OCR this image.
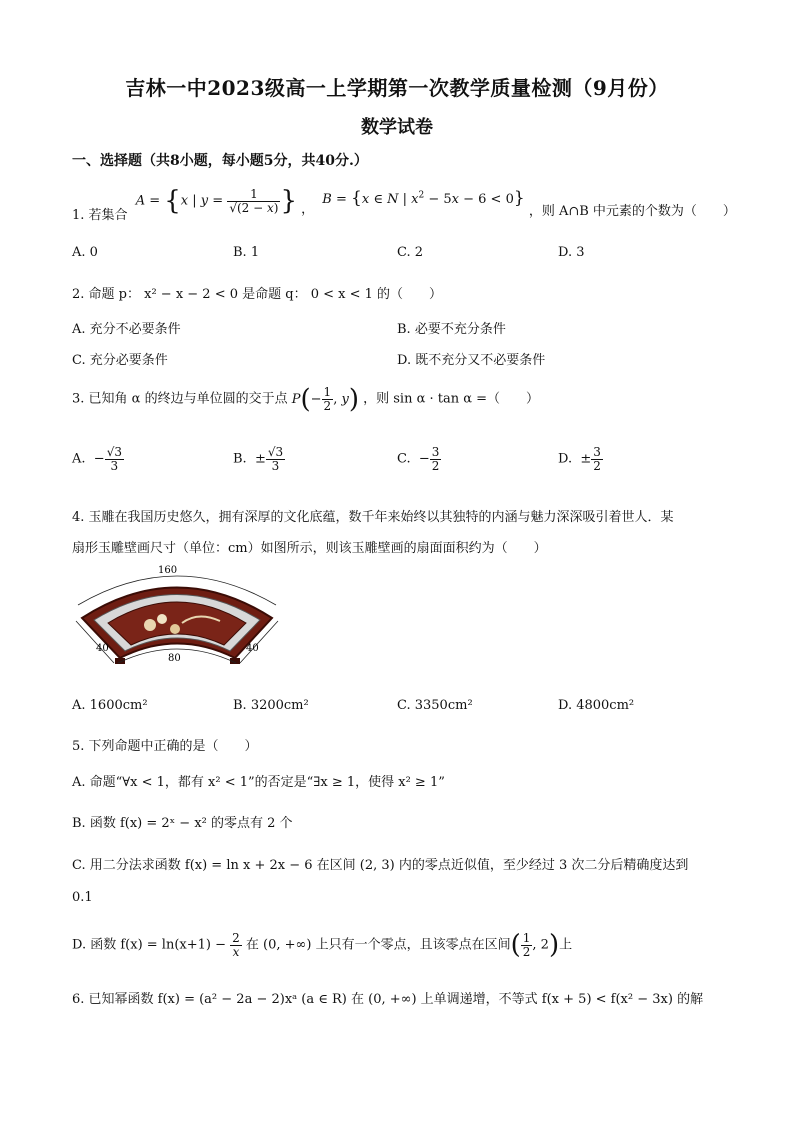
吉林一中2023级高一上学期第一次教学质量检测（9月份）
数学试卷
一、选择题（共8小题，每小题5分，共40分.）
1. 若集合 A = {x | $y = \frac{1}{√(2 - x)}$ } ， B = {x ∈ N | $x^2 - 5x - 6 < 0$} ，则 A∩B 中元素的个数为（　　）
A. 0	B. 1	C. 2	D. 3
2. 命题 p： x² − x − 2 < 0 是命题 q： 0 < x < 1 的（　　）
A. 充分不必要条件	B. 必要不充分条件
C. 充分必要条件	D. 既不充分又不必要条件
3. 已知角 α 的终边与单位圆的交于点 $P(- \frac{1}{2}$ , y) ，则 sin α · tan α =（　　）
A.  − $\frac{√3}{3}$	B.  ± $\frac{√3}{3}$	C.  − $\frac{3}{2}$	D.  ± $\frac{3}{2}$
4. 玉雕在我国历史悠久，拥有深厚的文化底蕴，数千年来始终以其独特的内涵与魅力深深吸引着世人．某
扇形玉雕壁画尺寸（单位：cm）如图所示，则该玉雕壁画的扇面面积约为（　　）
160
80
40	40
A. 1600cm²	B. 3200cm²	C. 3350cm²	D. 4800cm²
5. 下列命题中正确的是（　　）
A. 命题“∀x < 1，都有 x² < 1”的否定是“∃x ≥ 1，使得 x² ≥ 1”
B. 函数 f(x) = 2ˣ − x² 的零点有 2 个
C. 用二分法求函数 f(x) = ln x + 2x − 6 在区间 (2, 3) 内的零点近似值，至少经过 3 次二分后精确度达到
0.1
D. 函数 $f(x) = \ln(x+1) - \frac{2}{x}$ 在 (0, +∞) 上只有一个零点，且该零点在区间( $\frac{1}{2}$ , 2)上
6. 已知幂函数 f(x) = (a² − 2a − 2)xᵃ (a ∈ R) 在 (0, +∞) 上单调递增，不等式 f(x + 5) < f(x² − 3x) 的解
